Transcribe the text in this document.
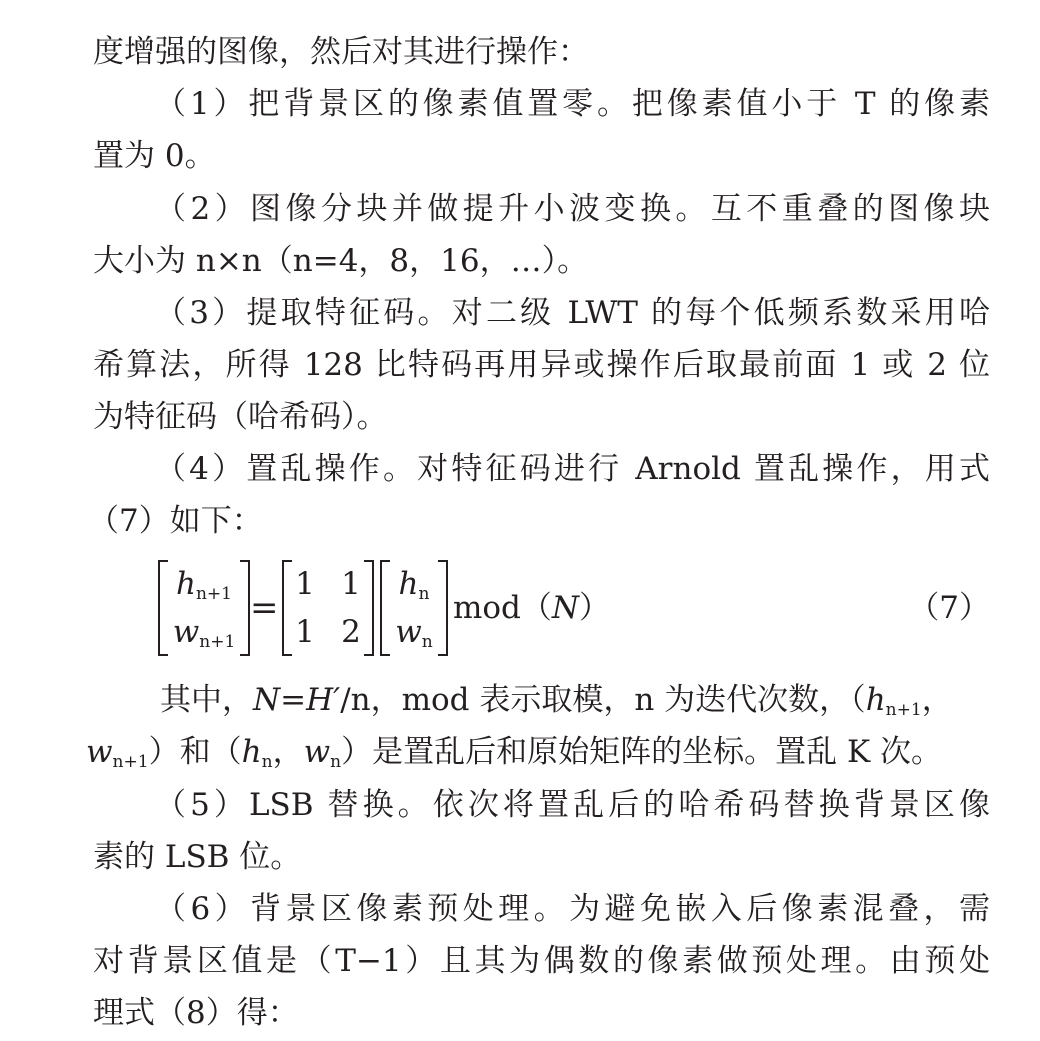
度增强的图像，然后对其进行操作：
（1）把背景区的像素值置零。把像素值小于 T 的像素
置为 0。
（2）图像分块并做提升小波变换。互不重叠的图像块
大小为 n×n（n=4，8，16，…）。
（3）提取特征码。对二级 LWT 的每个低频系数采用哈
希算法，所得 128 比特码再用异或操作后取最前面 1 或 2 位
为特征码（哈希码）。
（4）置乱操作。对特征码进行 Arnold 置乱操作，用式
（7）如下：
$h_{n+1}$
$w_{n+1}$
=
1 1
1 2
$h_n$
$w_n$
mod（N）	（7）
其中，N=H′/n，mod 表示取模，n 为迭代次数，（$h_{n+1}$，
$w_{n+1}$）和（$h_n$，$w_n$）是置乱后和原始矩阵的坐标。置乱 K 次。
（5）LSB 替换。依次将置乱后的哈希码替换背景区像
素的 LSB 位。
（6）背景区像素预处理。为避免嵌入后像素混叠，需
对背景区值是（T−1）且其为偶数的像素做预处理。由预处
理式（8）得：
